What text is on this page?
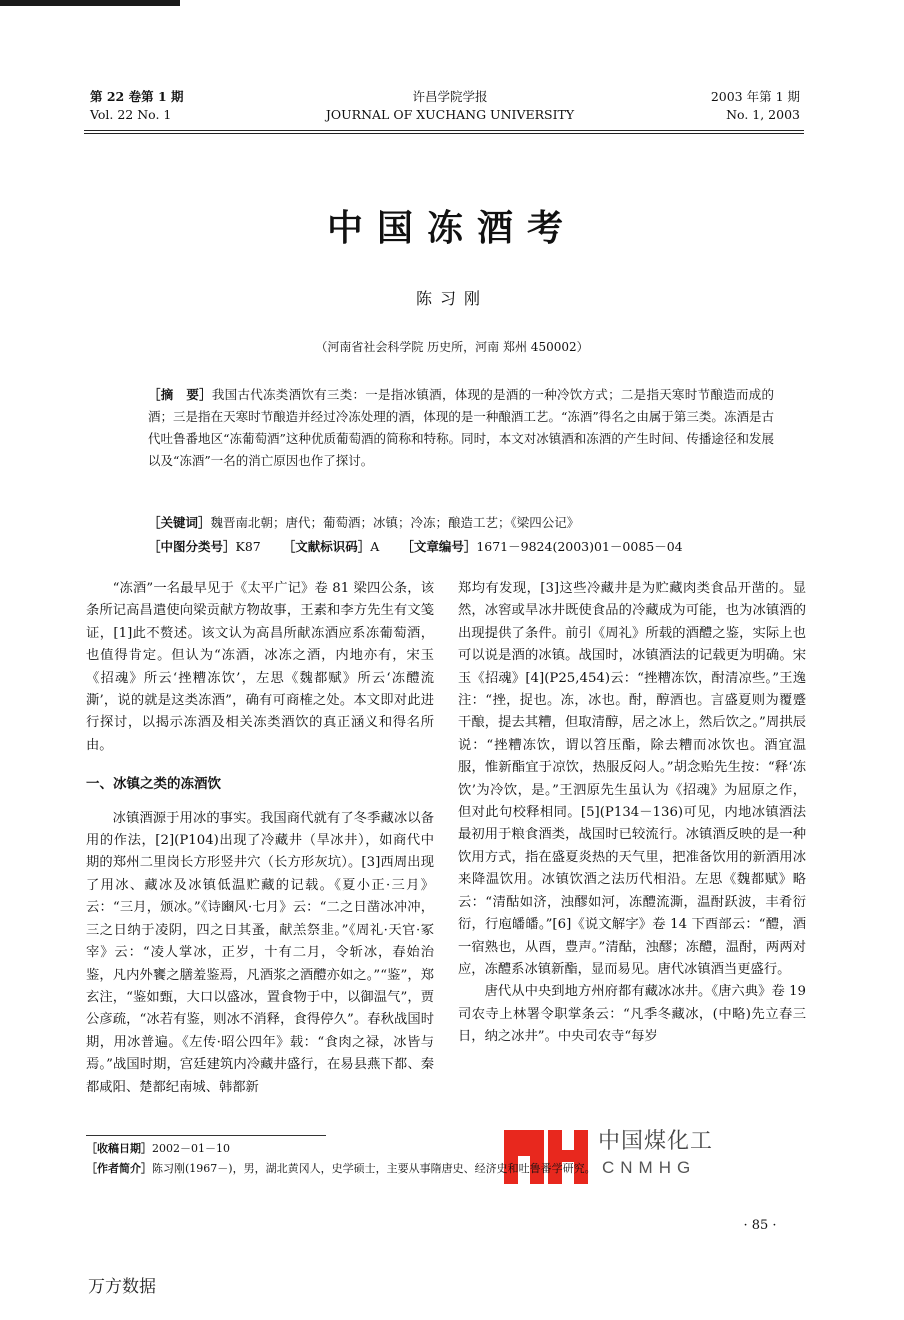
第 22 卷第 1 期
Vol. 22 No. 1
许昌学院学报
JOURNAL OF XUCHANG UNIVERSITY
2003 年第 1 期
No. 1, 2003
中国冻酒考
陈习刚
（河南省社会科学院 历史所，河南 郑州 450002）
［摘　要］我国古代冻类酒饮有三类：一是指冰镇酒，体现的是酒的一种冷饮方式；二是指天寒时节酿造而成的酒；三是指在天寒时节酿造并经过冷冻处理的酒，体现的是一种酿酒工艺。“冻酒”得名之由属于第三类。冻酒是古代吐鲁番地区“冻葡萄酒”这种优质葡萄酒的简称和特称。同时，本文对冰镇酒和冻酒的产生时间、传播途径和发展以及“冻酒”一名的消亡原因也作了探讨。
［关键词］魏晋南北朝；唐代；葡萄酒；冰镇；冷冻；酿造工艺；《梁四公记》
［中图分类号］K87 ［文献标识码］A ［文章编号］1671－9824(2003)01－0085－04

“冻酒”一名最早见于《太平广记》卷 81 梁四公条，该条所记高昌遣使向梁贡献方物故事，王素和李方先生有文笺证，[1]此不赘述。该文认为高昌所献冻酒应系冻葡萄酒，也值得肯定。但认为“冻酒，冰冻之酒，内地亦有，宋玉《招魂》所云‘挫糟冻饮’，左思《魏都赋》所云‘冻醴流澌’，说的就是这类冻酒”，确有可商榷之处。本文即对此进行探讨，以揭示冻酒及相关冻类酒饮的真正涵义和得名所由。

一、冰镇之类的冻酒饮

冰镇酒源于用冰的事实。我国商代就有了冬季藏冰以备用的作法，[2](P104)出现了冷藏井（旱冰井），如商代中期的郑州二里岗长方形竖井穴（长方形灰坑）。[3]西周出现了用冰、藏冰及冰镇低温贮藏的记载。《夏小正·三月》云：“三月，颁冰。”《诗豳风·七月》云：“二之日凿冰冲冲，三之日纳于凌阴，四之日其蚤，献羔祭韭。”《周礼·天官·冢宰》云：“凌人掌冰，正岁，十有二月，令斩冰，春始治鉴，凡内外饔之膳羞鉴焉，凡酒浆之酒醴亦如之。”“鉴”，郑玄注，“鉴如甄，大口以盛冰，置食物于中，以御温气”，贾公彦疏，“冰若有鉴，则冰不消释，食得停久”。春秋战国时期，用冰普遍。《左传·昭公四年》载：“食肉之禄，冰皆与焉。”战国时期，宫廷建筑内冷藏井盛行，在易县燕下都、秦都咸阳、楚都纪南城、韩都新

郑均有发现，[3]这些冷藏井是为贮藏肉类食品开凿的。显然，冰窖或旱冰井既使食品的冷藏成为可能，也为冰镇酒的出现提供了条件。前引《周礼》所载的酒醴之鉴，实际上也可以说是酒的冰镇。战国时，冰镇酒法的记载更为明确。宋玉《招魂》[4](P25,454)云：“挫糟冻饮，酎清凉些。”王逸注：“挫，捉也。冻，冰也。酎，醇酒也。言盛夏则为覆蹙干酿，提去其糟，但取清醇，居之冰上，然后饮之。”周拱辰说：“挫糟冻饮，谓以笤压酯，除去糟而冰饮也。酒宜温服，惟新酯宜于凉饮，热服反闷人。”胡念贻先生按：“释‘冻饮’为冷饮，是。”王泗原先生虽认为《招魂》为屈原之作，但对此句校释相同。[5](P134－136)可见，内地冰镇酒法最初用于粮食酒类，战国时已较流行。冰镇酒反映的是一种饮用方式，指在盛夏炎热的天气里，把准备饮用的新酒用冰来降温饮用。冰镇饮酒之法历代相沿。左思《魏都赋》略云：“清酤如济，浊醪如河，冻醴流澌，温酎跃波，丰肴衍衍，行庖皤皤。”[6]《说文解字》卷 14 下酉部云：“醴，酒一宿熟也，从酉，豊声。”清酤，浊醪；冻醴，温酎，两两对应，冻醴系冰镇新酯，显而易见。唐代冰镇酒当更盛行。

唐代从中央到地方州府都有藏冰冰井。《唐六典》卷 19 司农寺上林署令职掌条云：“凡季冬藏冰，(中略)先立春三日，纳之冰井”。中央司农寺“每岁

中国煤化工
CNMHG
［收稿日期］2002－01－10
［作者简介］陈习刚(1967－)，男，湖北黄冈人，史学硕士，主要从事隋唐史、经济史和吐鲁番学研究。
· 85 ·
万方数据
